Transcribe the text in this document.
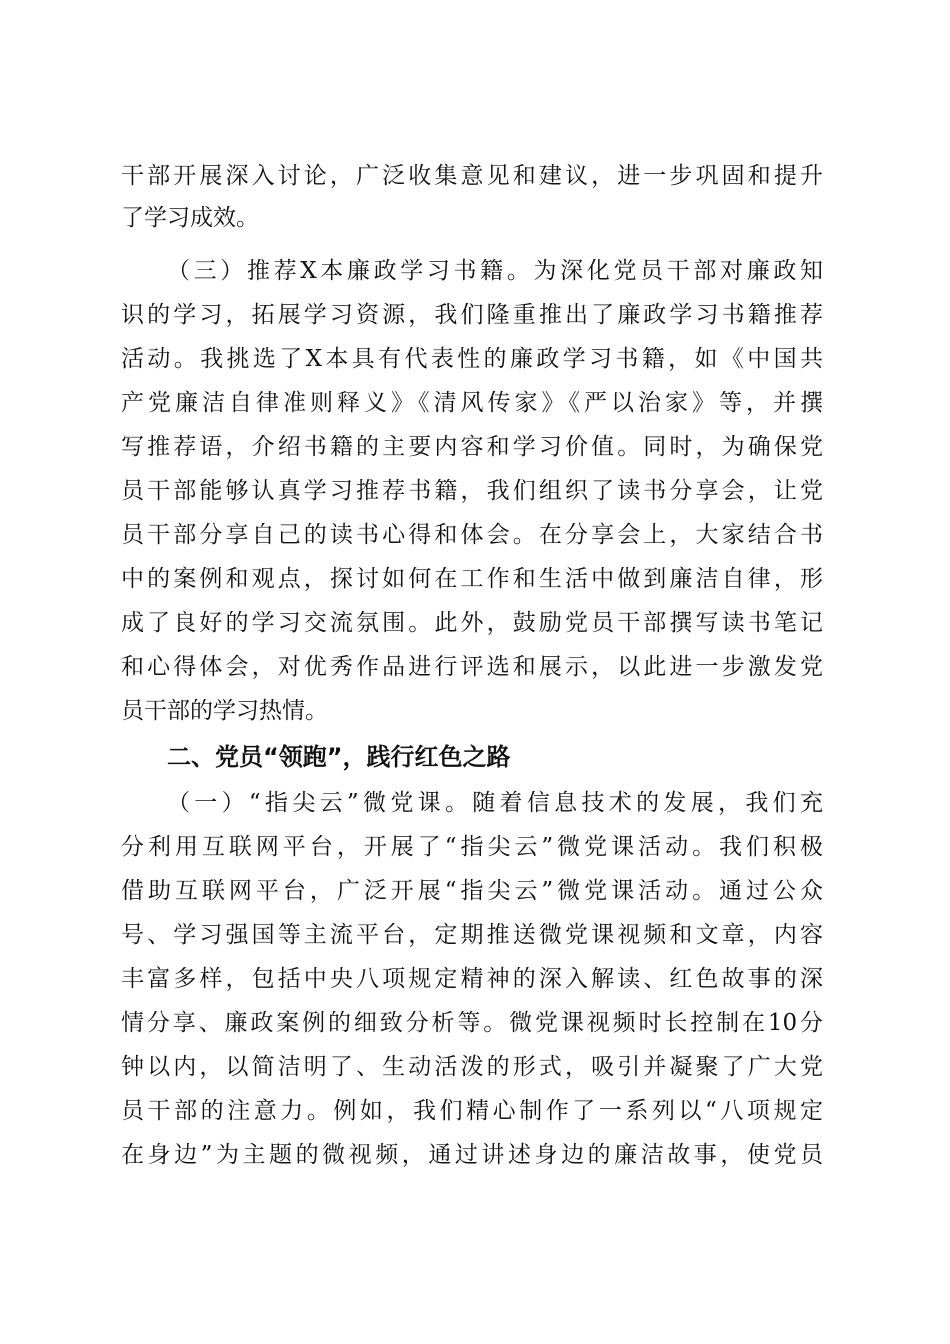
干部开展深入讨论，广泛收集意见和建议，进一步巩固和提升
了学习成效。
（三）推荐X本廉政学习书籍。为深化党员干部对廉政知
识的学习，拓展学习资源，我们隆重推出了廉政学习书籍推荐
活动。我挑选了X本具有代表性的廉政学习书籍，如《中国共
产党廉洁自律准则释义》《清风传家》《严以治家》等，并撰
写推荐语，介绍书籍的主要内容和学习价值。同时，为确保党
员干部能够认真学习推荐书籍，我们组织了读书分享会，让党
员干部分享自己的读书心得和体会。在分享会上，大家结合书
中的案例和观点，探讨如何在工作和生活中做到廉洁自律，形
成了良好的学习交流氛围。此外，鼓励党员干部撰写读书笔记
和心得体会，对优秀作品进行评选和展示，以此进一步激发党
员干部的学习热情。
二、党员“领跑”，践行红色之路
（一）“指尖云”微党课。随着信息技术的发展，我们充
分利用互联网平台，开展了“指尖云”微党课活动。我们积极
借助互联网平台，广泛开展“指尖云”微党课活动。通过公众
号、学习强国等主流平台，定期推送微党课视频和文章，内容
丰富多样，包括中央八项规定精神的深入解读、红色故事的深
情分享、廉政案例的细致分析等。微党课视频时长控制在10分
钟以内，以简洁明了、生动活泼的形式，吸引并凝聚了广大党
员干部的注意力。例如，我们精心制作了一系列以“八项规定
在身边”为主题的微视频，通过讲述身边的廉洁故事，使党员
